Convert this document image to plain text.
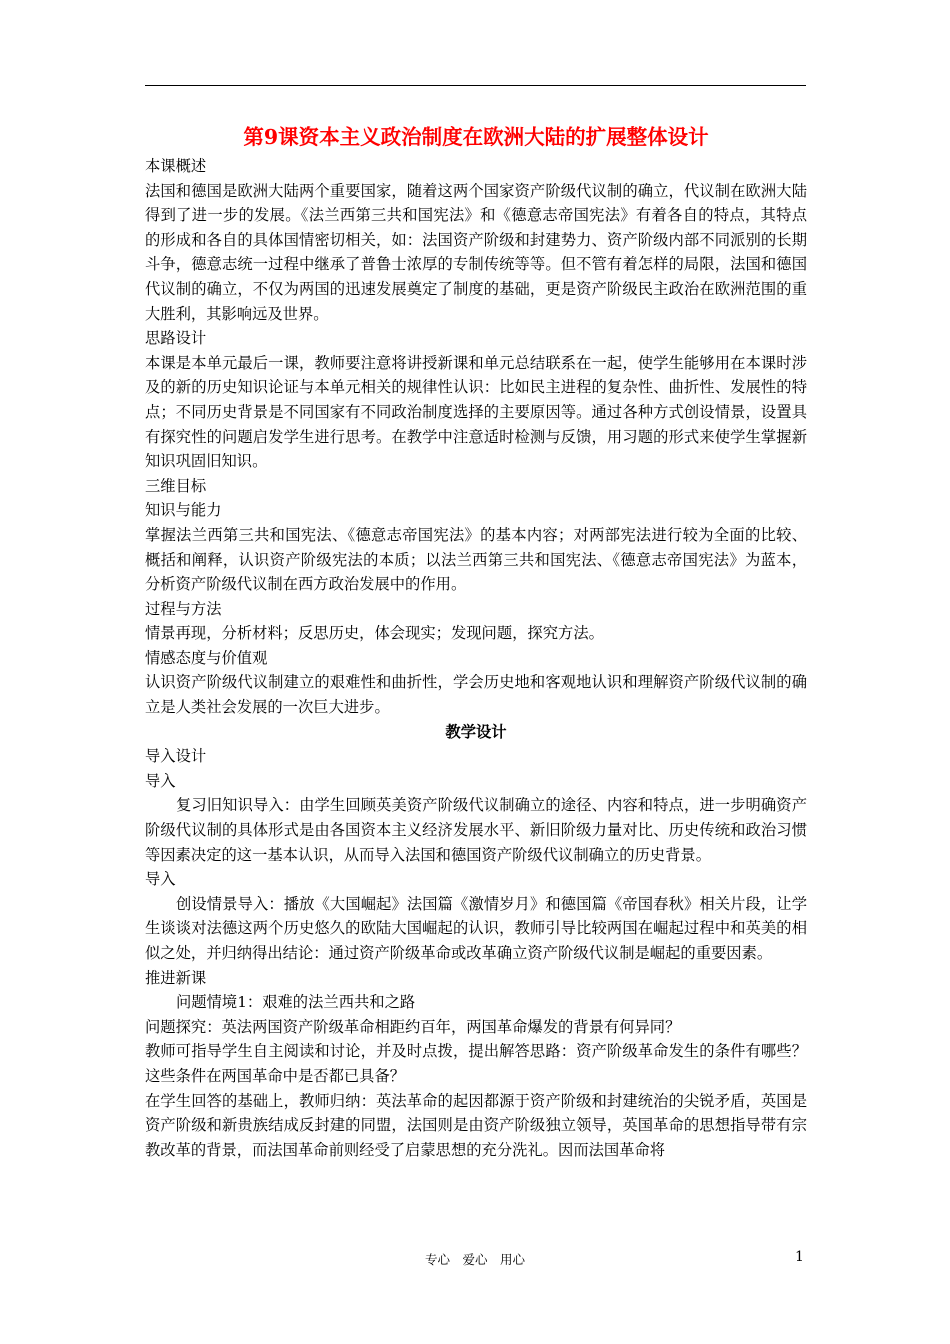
第9课资本主义政治制度在欧洲大陆的扩展整体设计

本课概述

法国和德国是欧洲大陆两个重要国家，随着这两个国家资产阶级代议制的确立，代议制在欧洲大陆得到了进一步的发展。《法兰西第三共和国宪法》和《德意志帝国宪法》有着各自的特点，其特点的形成和各自的具体国情密切相关，如：法国资产阶级和封建势力、资产阶级内部不同派别的长期斗争，德意志统一过程中继承了普鲁士浓厚的专制传统等等。但不管有着怎样的局限，法国和德国代议制的确立，不仅为两国的迅速发展奠定了制度的基础，更是资产阶级民主政治在欧洲范围的重大胜利，其影响远及世界。

思路设计

本课是本单元最后一课，教师要注意将讲授新课和单元总结联系在一起，使学生能够用在本课时涉及的新的历史知识论证与本单元相关的规律性认识：比如民主进程的复杂性、曲折性、发展性的特点；不同历史背景是不同国家有不同政治制度选择的主要原因等。通过各种方式创设情景，设置具有探究性的问题启发学生进行思考。在教学中注意适时检测与反馈，用习题的形式来使学生掌握新知识巩固旧知识。

三维目标

知识与能力

掌握法兰西第三共和国宪法、《德意志帝国宪法》的基本内容；对两部宪法进行较为全面的比较、概括和阐释，认识资产阶级宪法的本质；以法兰西第三共和国宪法、《德意志帝国宪法》为蓝本，分析资产阶级代议制在西方政治发展中的作用。

过程与方法

情景再现，分析材料；反思历史，体会现实；发现问题，探究方法。

情感态度与价值观

认识资产阶级代议制建立的艰难性和曲折性，学会历史地和客观地认识和理解资产阶级代议制的确立是人类社会发展的一次巨大进步。

教学设计

导入设计

导入

复习旧知识导入：由学生回顾英美资产阶级代议制确立的途径、内容和特点，进一步明确资产阶级代议制的具体形式是由各国资本主义经济发展水平、新旧阶级力量对比、历史传统和政治习惯等因素决定的这一基本认识，从而导入法国和德国资产阶级代议制确立的历史背景。

导入

创设情景导入：播放《大国崛起》法国篇《激情岁月》和德国篇《帝国春秋》相关片段，让学生谈谈对法德这两个历史悠久的欧陆大国崛起的认识，教师引导比较两国在崛起过程中和英美的相似之处，并归纳得出结论：通过资产阶级革命或改革确立资产阶级代议制是崛起的重要因素。

推进新课

问题情境1：艰难的法兰西共和之路

问题探究：英法两国资产阶级革命相距约百年，两国革命爆发的背景有何异同？

教师可指导学生自主阅读和讨论，并及时点拨，提出解答思路：资产阶级革命发生的条件有哪些？这些条件在两国革命中是否都已具备？

在学生回答的基础上，教师归纳：英法革命的起因都源于资产阶级和封建统治的尖锐矛盾，英国是资产阶级和新贵族结成反封建的同盟，法国则是由资产阶级独立领导，英国革命的思想指导带有宗教改革的背景，而法国革命前则经受了启蒙思想的充分洗礼。因而法国革命将

专心　爱心　用心	1
